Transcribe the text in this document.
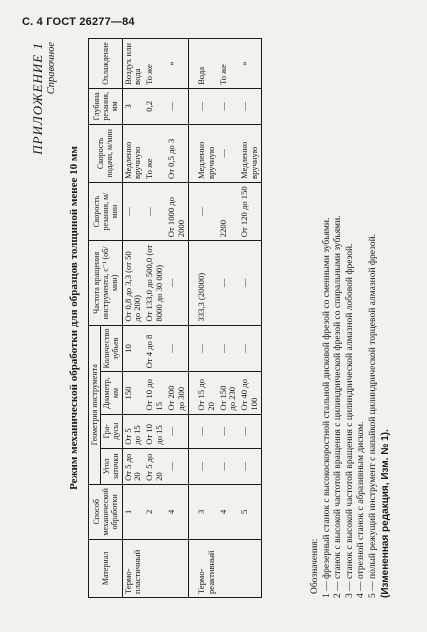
С. 4 ГОСТ 26277—84
ПРИЛОЖЕНИЕ 1 Справочное
Режим механической обработки для образцов толщиной менее 10 мм
Материал	Способ механической обработки	Геометрия инструмента				Частота вращения инструмента, с⁻¹ (об/мин)	Скорость резания, м/мин	Скорость подачи, м/мин	Глубина резания, мм	Охлаждение
		Угол заточки	Гра-дусы	Диаметр, мм	Количество зубьев					
Термо-пластичный	1	От 5 до 20	От 5 до 15	150	10	От 0,8 до 3,3 (от 50 до 200)	—	Медленно вручную	3	Воздух или вода
	2	От 5 до 20	От 10 до 15	От 10 до 15	От 4 до 8	От 133,0 до 500,0 (от 8000 до 30 000)	—	То же	0,2	То же
	4	—	—	От 200 до 300	—	—	От 1000 до 2000	От 0,5 до 3	—	»
Термо-реактивный	3	—	—	От 15 до 20	—	333,3 (20000)	—	Медленно вручную	—	Вода
	4	—	—	От 150 до 230	—	—	2200	—	—	То же
	5	—	—	От 40 до 100	—	—	От 120 до 150	Медленно вручную	—	»
Обозначения: 1 — фрезерный станок с высокоскоростной стальной дисковой фрезой со сменными зубьями. 2 — станок с высокой частотой вращения с цилиндрической фрезой со спиральными зубьями. 3 — станок с высокой частотой вращения с цилиндрической алмазной лобовой фрезой. 4 — отрезной станок с абразивным диском. 5 — полый режущий инструмент с напайкой цилиндрической торцевой алмазной фрезой. (Измененная редакция, Изм. № 1).
